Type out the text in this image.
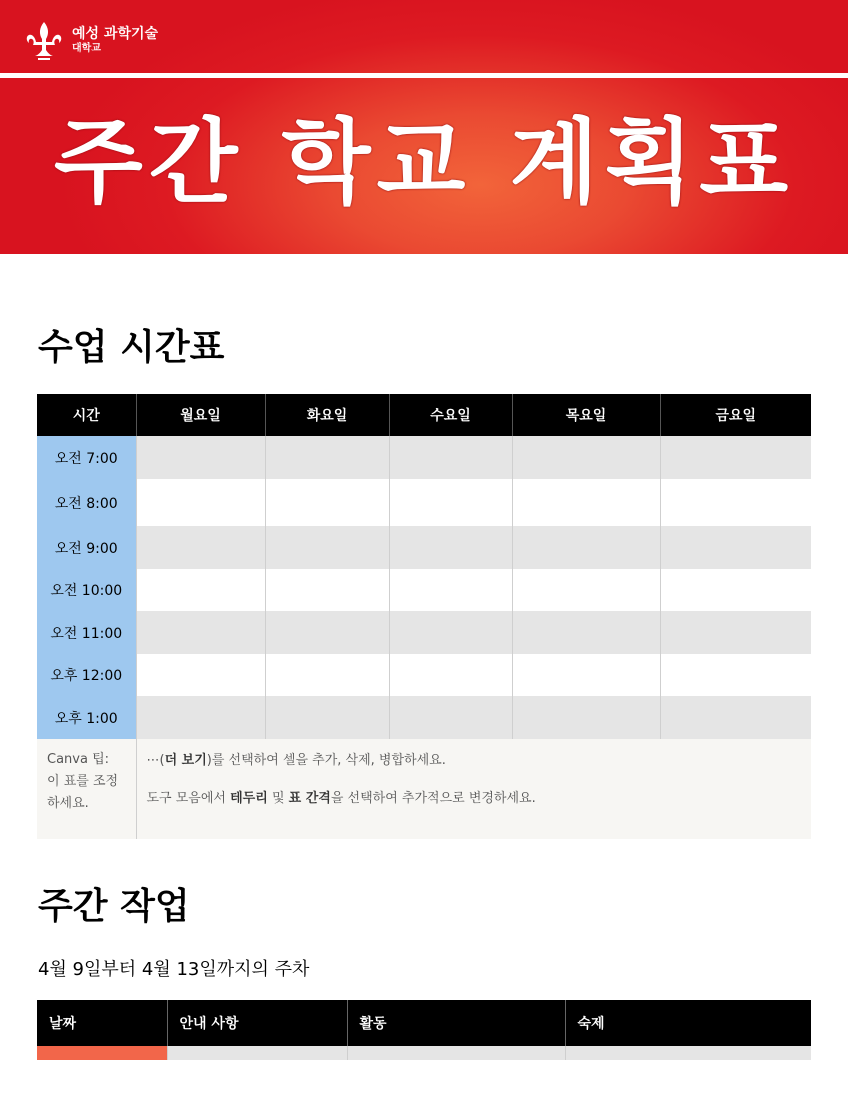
예성 과학기술
대학교
주간 학교 계획표
수업 시간표
시간	월요일	화요일	수요일	목요일	금요일
오전 7:00					
오전 8:00					
오전 9:00					
오전 10:00					
오전 11:00					
오후 12:00					
오후 1:00					
Canva 팁: 이 표를 조정하세요.	⋯(더 보기)를 선택하여 셀을 추가, 삭제, 병합하세요.

도구 모음에서 테두리 및 표 간격을 선택하여 추가적으로 변경하세요.				

주간 작업
4월 9일부터 4월 13일까지의 주차
날짜	안내 사항	활동	숙제
